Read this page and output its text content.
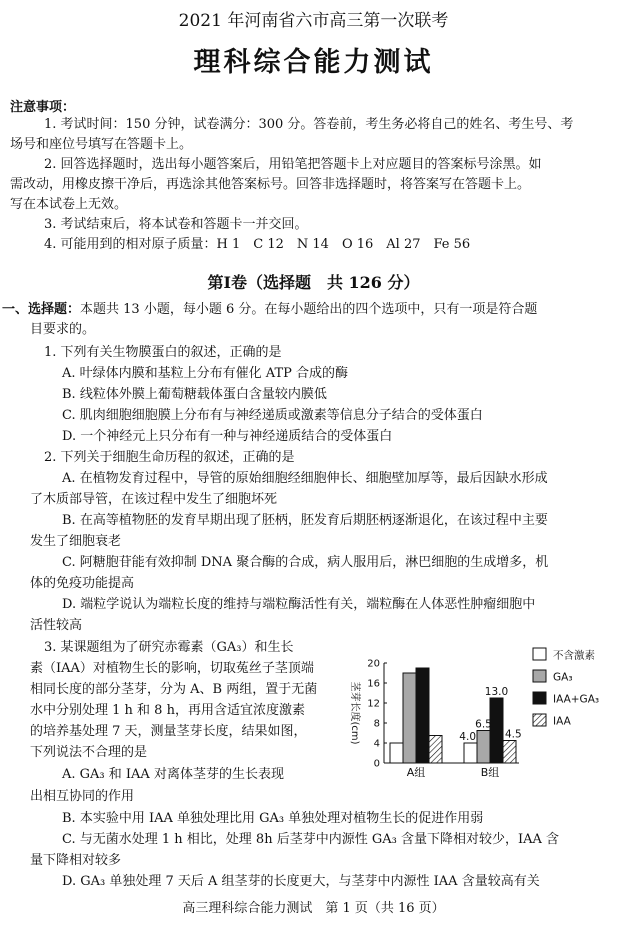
2021 年河南省六市高三第一次联考
理科综合能力测试
注意事项：
1. 考试时间：150 分钟，试卷满分：300 分。答卷前，考生务必将自己的姓名、考生号、考
场号和座位号填写在答题卡上。
2. 回答选择题时，选出每小题答案后，用铅笔把答题卡上对应题目的答案标号涂黑。如
需改动，用橡皮擦干净后，再选涂其他答案标号。回答非选择题时，将答案写在答题卡上。
写在本试卷上无效。
3. 考试结束后，将本试卷和答题卡一并交回。
4. 可能用到的相对原子质量：H 1　C 12　N 14　O 16　Al 27　Fe 56
第Ⅰ卷（选择题　共 126 分）
一、选择题：本题共 13 小题，每小题 6 分。在每小题给出的四个选项中，只有一项是符合题
目要求的。
1. 下列有关生物膜蛋白的叙述，正确的是
A. 叶绿体内膜和基粒上分布有催化 ATP 合成的酶
B. 线粒体外膜上葡萄糖载体蛋白含量较内膜低
C. 肌肉细胞细胞膜上分布有与神经递质或激素等信息分子结合的受体蛋白
D. 一个神经元上只分布有一种与神经递质结合的受体蛋白
2. 下列关于细胞生命历程的叙述，正确的是
A. 在植物发育过程中，导管的原始细胞经细胞伸长、细胞壁加厚等，最后因缺水形成
了木质部导管，在该过程中发生了细胞坏死
B. 在高等植物胚的发育早期出现了胚柄，胚发育后期胚柄逐渐退化，在该过程中主要
发生了细胞衰老
C. 阿糖胞苷能有效抑制 DNA 聚合酶的合成，病人服用后，淋巴细胞的生成增多，机
体的免疫功能提高
D. 端粒学说认为端粒长度的维持与端粒酶活性有关，端粒酶在人体恶性肿瘤细胞中
活性较高
3. 某课题组为了研究赤霉素（GA₃）和生长
素（IAA）对植物生长的影响，切取菟丝子茎顶端
相同长度的部分茎芽，分为 A、B 两组，置于无菌
水中分别处理 1 h 和 8 h，再用含适宜浓度激素
的培养基处理 7 天，测量茎芽长度，结果如图，
下列说法不合理的是
A. GA₃ 和 IAA 对离体茎芽的生长表现
出相互协同的作用
B. 本实验中用 IAA 单独处理比用 GA₃ 单独处理对植物生长的促进作用弱
C. 与无菌水处理 1 h 相比，处理 8h 后茎芽中内源性 GA₃ 含量下降相对较少，IAA 含
量下降相对较多
D. GA₃ 单独处理 7 天后 A 组茎芽的长度更大，与茎芽中内源性 IAA 含量较高有关
0
4
8
12
16
20
茎芽长度(cm)
A组	B组
4.0
6.5
13.0
4.5
不含激素
GA₃
IAA+GA₃
IAA
高三理科综合能力测试　第 1 页（共 16 页）
